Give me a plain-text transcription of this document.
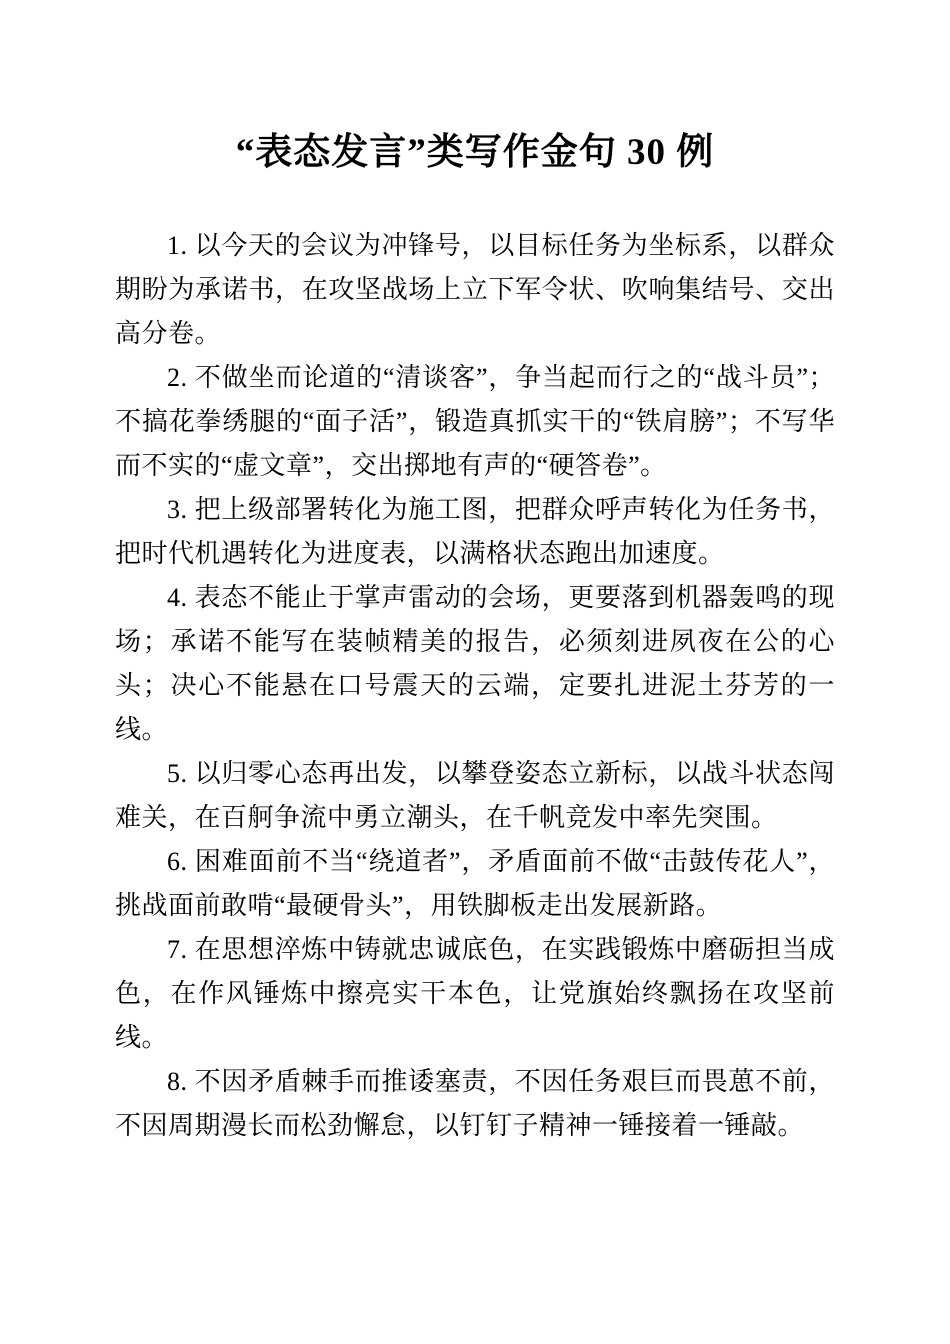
“表态发言”类写作金句 30 例

1. 以今天的会议为冲锋号，以目标任务为坐标系，以群众期盼为承诺书，在攻坚战场上立下军令状、吹响集结号、交出高分卷。

2. 不做坐而论道的“清谈客”，争当起而行之的“战斗员”；不搞花拳绣腿的“面子活”，锻造真抓实干的“铁肩膀”；不写华而不实的“虚文章”，交出掷地有声的“硬答卷”。

3. 把上级部署转化为施工图，把群众呼声转化为任务书，把时代机遇转化为进度表，以满格状态跑出加速度。

4. 表态不能止于掌声雷动的会场，更要落到机器轰鸣的现场；承诺不能写在装帧精美的报告，必须刻进夙夜在公的心头；决心不能悬在口号震天的云端，定要扎进泥土芬芳的一线。

5. 以归零心态再出发，以攀登姿态立新标，以战斗状态闯难关，在百舸争流中勇立潮头，在千帆竞发中率先突围。

6. 困难面前不当“绕道者”，矛盾面前不做“击鼓传花人”，挑战面前敢啃“最硬骨头”，用铁脚板走出发展新路。

7. 在思想淬炼中铸就忠诚底色，在实践锻炼中磨砺担当成色，在作风锤炼中擦亮实干本色，让党旗始终飘扬在攻坚前线。

8. 不因矛盾棘手而推诿塞责，不因任务艰巨而畏葸不前，不因周期漫长而松劲懈怠，以钉钉子精神一锤接着一锤敲。
